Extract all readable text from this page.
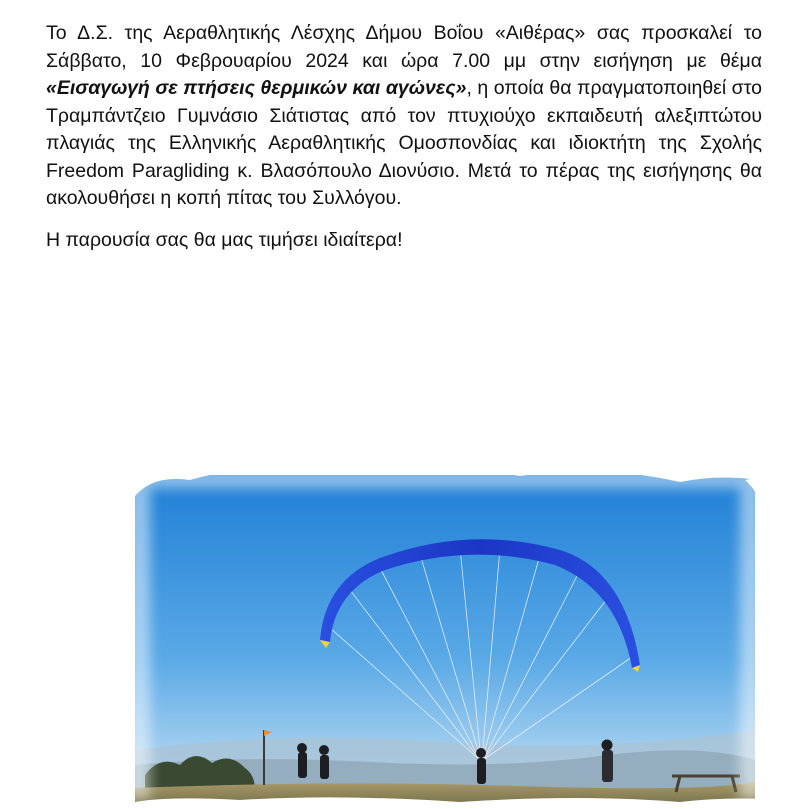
Το Δ.Σ. της Αεραθλητικής Λέσχης Δήμου Βοΐου «Αιθέρας» σας προσκαλεί το Σάββατο, 10 Φεβρουαρίου 2024 και ώρα 7.00 μμ στην εισήγηση με θέμα «Εισαγωγή σε πτήσεις θερμικών και αγώνες», η οποία θα πραγματοποιηθεί στο Τραμπάντζειο Γυμνάσιο Σιάτιστας από τον πτυχιούχο εκπαιδευτή αλεξιπτώτου πλαγιάς της Ελληνικής Αεραθλητικής Ομοσπονδίας και ιδιοκτήτη της Σχολής Freedom Paragliding κ. Βλασόπουλο Διονύσιο. Μετά το πέρας της εισήγησης θα ακολουθήσει η κοπή πίτας του Συλλόγου.

Η παρουσία σας θα μας τιμήσει ιδιαίτερα!
